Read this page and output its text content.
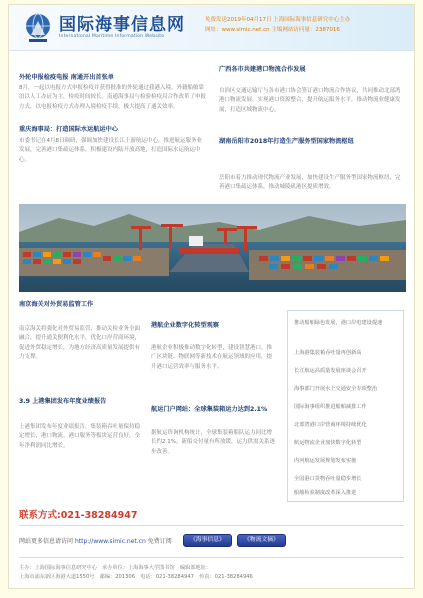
国际海事信息网
International Maritime Information Website
免费发送2019年04月17日 上海国际海事信息研究中心主办
网址：www.simic.net.cn 主编网站访问量：2387016
外轮申报检疫电报 南通开出首张单
8月，一起以电报方式申报检疫并获得批准的外轮通过我港入境。外籍船舶靠泊以人工办证为主，检疫时间较长。南通海事局与检验检疫局合作改革了申报方式，以电报检疫方式办理入境检疫手续，极大提高了通关效率。
重庆海事局：打造国际水运航运中心
市委书记在4月8日调研，强调加快建设长江上游航运中心，推进航运服务业发展，完善港口集疏运体系，积极建设内陆开放高地，打造国际水运航运中心。
广西各市共建港口物流合作发展
自治区交通运输厅与各市港口协会签订港口物流合作协议，共同推动北部湾港口物流发展，实现港口资源整合，提升航运服务水平，推动物流业健康发展，打造区域物流中心。
湖南岳阳市2018年打造生产服务型国家物流枢纽
岳阳市着力推动现代物流产业发展，加快建设生产服务型国家物流枢纽，完善港口集疏运体系，推动城陵矶港区提质增效。
推动船舶绿色发展，港口岸电建设提速
上海港集装箱吞吐量再创新高
长江航运高质量发展座谈会召开
海事部门开展水上交通安全专项整治
国际海事组织推进船舶减排工作
北部湾港口岸营商环境持续优化
航运物流企业加快数字化转型
内河航运发展规划发布实施
全国港口货物吞吐量稳步增长
船舶检验制度改革深入推进
南京海关对外贸易监管工作
南京海关将强化对外贸易监管，推动关检业务全面融合，提升通关便利化水平，优化口岸营商环境，促进外贸稳定增长，为地方经济高质量发展提供有力支撑。
3.9 上港集团发布年度业绩报告
上港集团发布年度业绩报告，集装箱吞吐量保持稳定增长，港口物流、港口服务等板块运营良好，全年净利润同比增长。
港航企业数字化转型观察
港航企业积极推动数字化转型，建设智慧港口，推广区块链、物联网等新技术在航运领域的应用，提升港口运营效率与服务水平。
航运门户网站：全球集装箱运力达到2.1%
据航运咨询机构统计，全球集装箱船队运力同比增长约2.1%，新船交付量有所放缓，运力供需关系逐步改善。
联系方式:021-38284947
网站更多信息请访问 http://www.simic.net.cn 免费订阅	《海事信息》	《物流文摘》
主办：上海国际海事信息研究中心　承办单位：上海海事大学图书馆　编辑部地址：
上海市浦东新区海港大道1550号　邮编：201306　电话：021-38284947　传真：021-38284946
